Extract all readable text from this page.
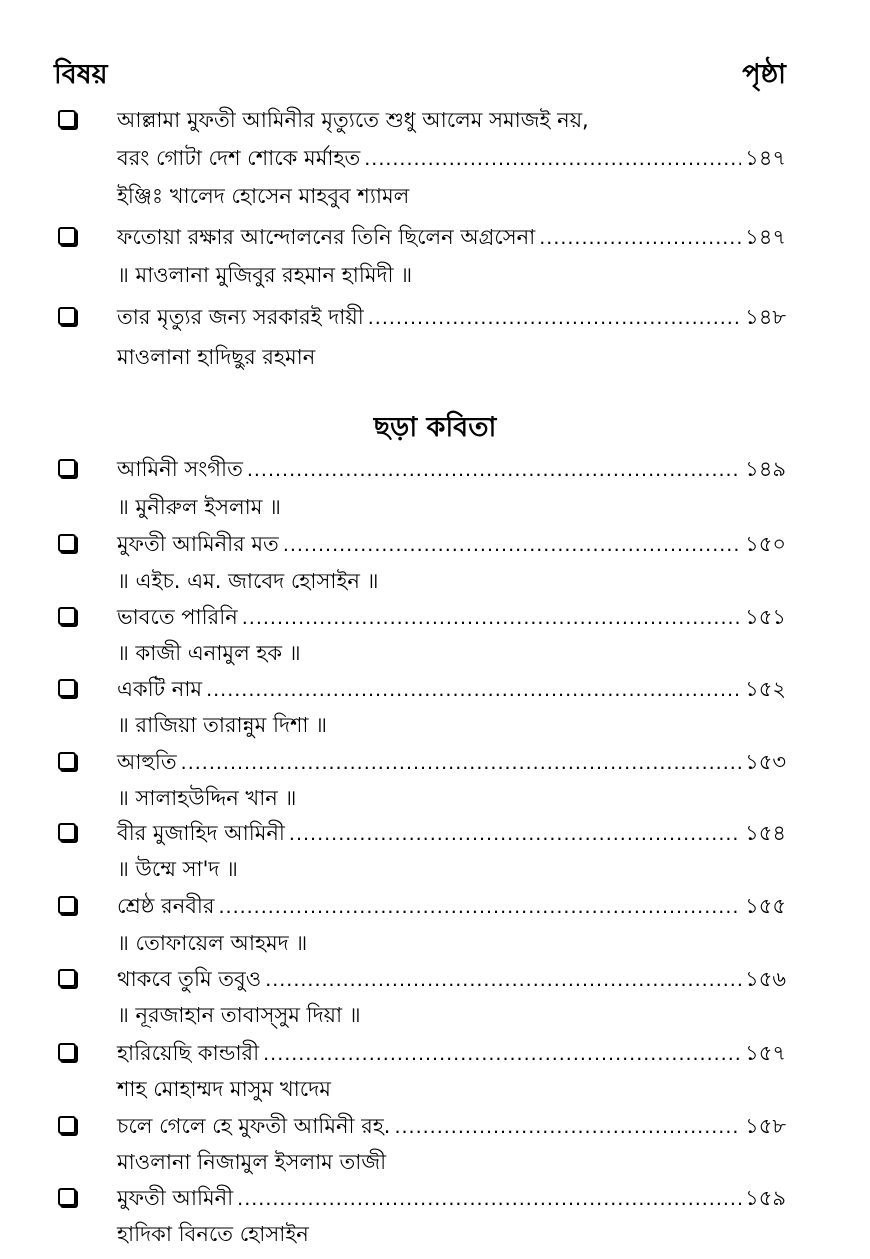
বিষয়	পৃষ্ঠা
ছড়া কবিতা
আল্লামা মুফতী আমিনীর মৃত্যুতে শুধু আলেম সমাজই নয়,
বরং গোটা দেশ শোকে মর্মাহত .....	১৪৭
ইঞ্জিঃ খালেদ হোসেন মাহবুব শ্যামল
ফতোয়া রক্ষার আন্দোলনের তিনি ছিলেন অগ্রসেনা .....	১৪৭
॥ মাওলানা মুজিবুর রহমান হামিদী ॥
তার মৃত্যুর জন্য সরকারই দায়ী .....	১৪৮
মাওলানা হাদিছুর রহমান
আমিনী সংগীত .....	১৪৯
॥ মুনীরুল ইসলাম ॥
মুফতী আমিনীর মত .....	১৫০
॥ এইচ. এম. জাবেদ হোসাইন ॥
ভাবতে পারিনি .....	১৫১
॥ কাজী এনামুল হক ॥
একটি নাম .....	১৫২
॥ রাজিয়া তারান্নুম দিশা ॥
আহুতি .....	১৫৩
॥ সালাহউদ্দিন খান ॥
বীর মুজাহিদ আমিনী .....	১৫৪
॥ উম্মে সা'দ ॥
শ্রেষ্ঠ রনবীর .....	১৫৫
॥ তোফায়েল আহমদ ॥
থাকবে তুমি তবুও .....	১৫৬
॥ নূরজাহান তাবাস্সুম দিয়া ॥
হারিয়েছি কান্ডারী .....	১৫৭
শাহ মোহাম্মদ মাসুম খাদেম
চলে গেলে হে মুফতী আমিনী রহ. .....	১৫৮
মাওলানা নিজামুল ইসলাম তাজী
মুফতী আমিনী .....	১৫৯
হাদিকা বিনতে হোসাইন
